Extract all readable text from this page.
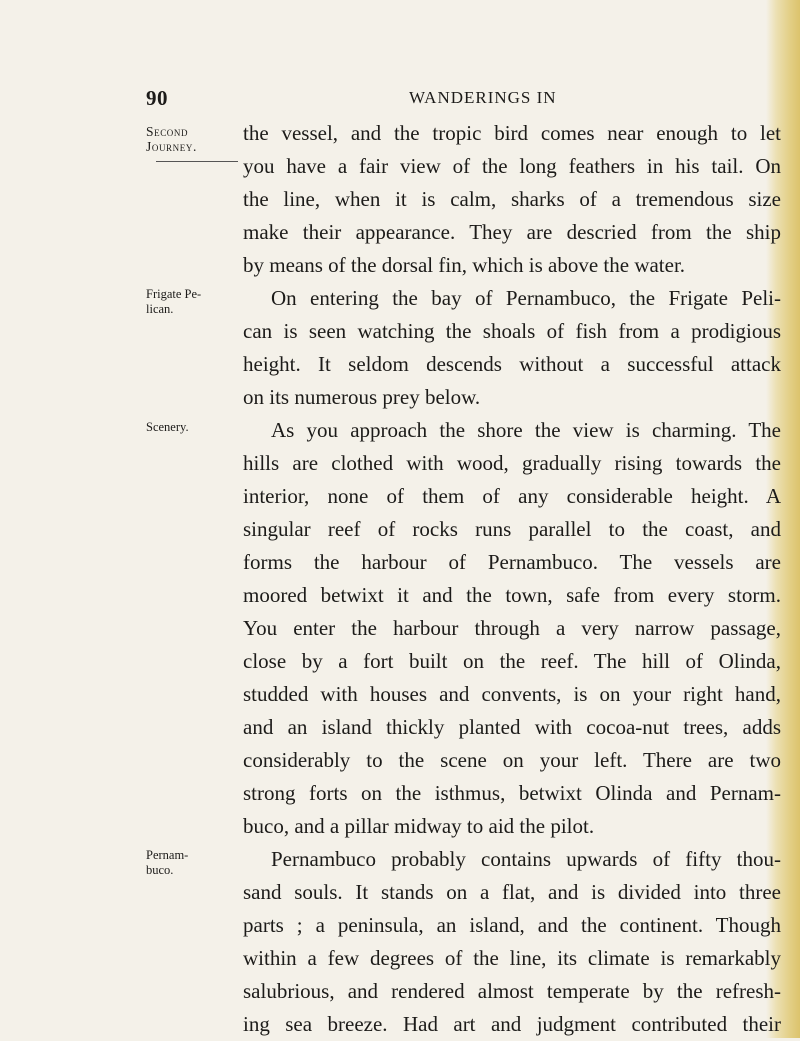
90	WANDERINGS IN
Second
Journey.
Frigate Pe-
lican.
Scenery.
Pernam-
buco.
the vessel, and the tropic bird comes near enough to let
you have a fair view of the long feathers in his tail. On
the line, when it is calm, sharks of a tremendous size
make their appearance. They are descried from the ship
by means of the dorsal fin, which is above the water.
On entering the bay of Pernambuco, the Frigate Peli-
can is seen watching the shoals of fish from a prodigious
height. It seldom descends without a successful attack
on its numerous prey below.
As you approach the shore the view is charming. The
hills are clothed with wood, gradually rising towards the
interior, none of them of any considerable height. A
singular reef of rocks runs parallel to the coast, and
forms the harbour of Pernambuco. The vessels are
moored betwixt it and the town, safe from every storm.
You enter the harbour through a very narrow passage,
close by a fort built on the reef. The hill of Olinda,
studded with houses and convents, is on your right hand,
and an island thickly planted with cocoa-nut trees, adds
considerably to the scene on your left. There are two
strong forts on the isthmus, betwixt Olinda and Pernam-
buco, and a pillar midway to aid the pilot.
Pernambuco probably contains upwards of fifty thou-
sand souls. It stands on a flat, and is divided into three
parts ; a peninsula, an island, and the continent. Though
within a few degrees of the line, its climate is remarkably
salubrious, and rendered almost temperate by the refresh-
ing sea breeze. Had art and judgment contributed their
